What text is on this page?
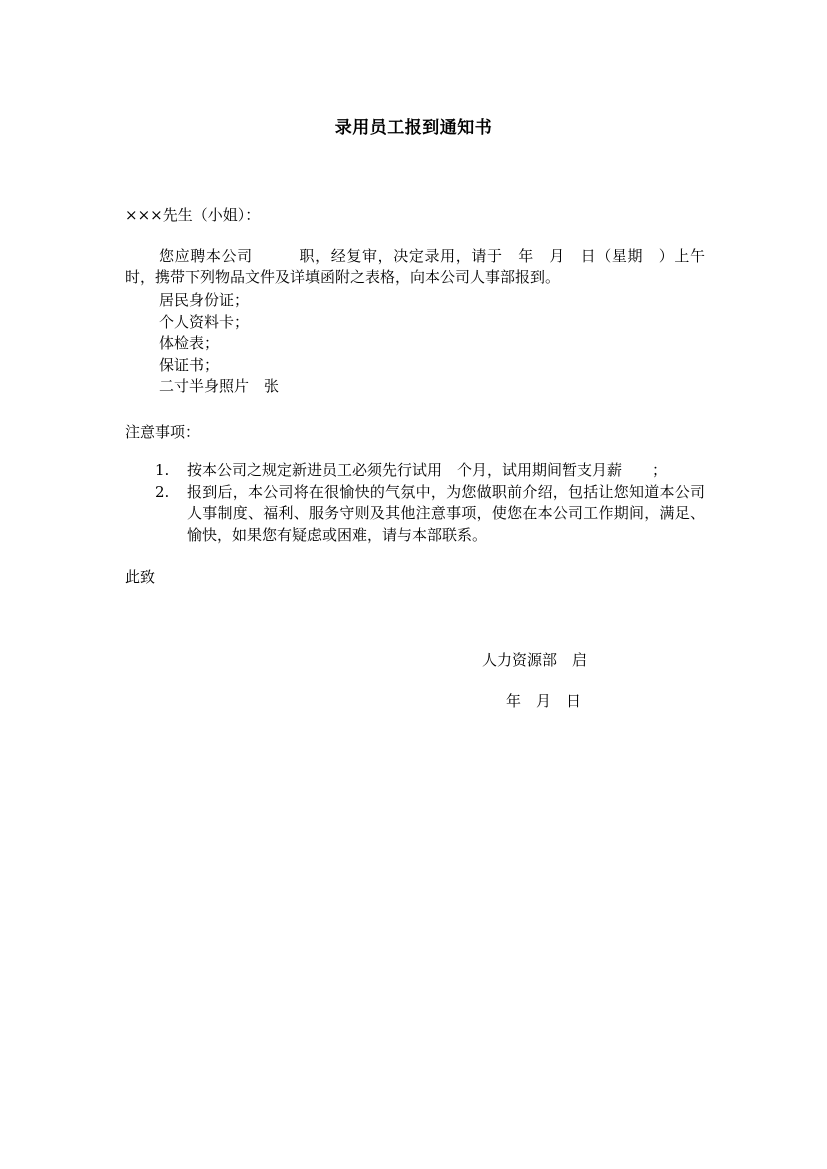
录用员工报到通知书
×××先生（小姐）：
您应聘本公司　　　职，经复审，决定录用，请于　年　月　日（星期　）上午　时，携带下列物品文件及详填函附之表格，向本公司人事部报到。
居民身份证；
个人资料卡；
体检表；
保证书；
二寸半身照片　张
注意事项：
1.	按本公司之规定新进员工必须先行试用　个月，试用期间暂支月薪　　；
2.	报到后，本公司将在很愉快的气氛中，为您做职前介绍，包括让您知道本公司人事制度、福利、服务守则及其他注意事项，使您在本公司工作期间，满足、愉快，如果您有疑虑或困难，请与本部联系。
此致
人力资源部　启
年　月　日
